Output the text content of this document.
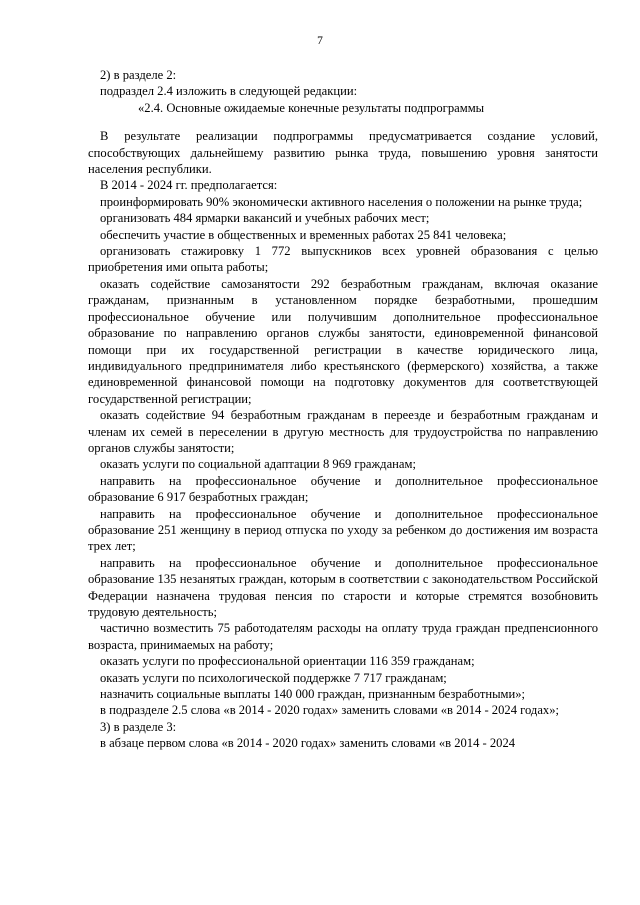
7

2) в разделе 2:

подраздел 2.4 изложить в следующей редакции:

«2.4. Основные ожидаемые конечные результаты подпрограммы

В результате реализации подпрограммы предусматривается создание условий, способствующих дальнейшему развитию рынка труда, повышению уровня занятости населения республики.

В 2014 - 2024 гг. предполагается:

проинформировать 90% экономически активного населения о положении на рынке труда;

организовать 484 ярмарки вакансий и учебных рабочих мест;

обеспечить участие в общественных и временных работах 25 841 человека;

организовать стажировку 1 772 выпускников всех уровней образования с целью приобретения ими опыта работы;

оказать содействие самозанятости 292 безработным гражданам, включая оказание гражданам, признанным в установленном порядке безработными, прошедшим профессиональное обучение или получившим дополнительное профессиональное образование по направлению органов службы занятости, единовременной финансовой помощи при их государственной регистрации в качестве юридического лица, индивидуального предпринимателя либо крестьянского (фермерского) хозяйства, а также единовременной финансовой помощи на подготовку документов для соответствующей государственной регистрации;

оказать содействие 94 безработным гражданам в переезде и безработным гражданам и членам их семей в переселении в другую местность для трудоустройства по направлению органов службы занятости;

оказать услуги по социальной адаптации 8 969 гражданам;

направить на профессиональное обучение и дополнительное профессиональное образование 6 917 безработных граждан;

направить на профессиональное обучение и дополнительное профессиональное образование 251 женщину в период отпуска по уходу за ребенком до достижения им возраста трех лет;

направить на профессиональное обучение и дополнительное профессиональное образование 135 незанятых граждан, которым в соответствии с законодательством Российской Федерации назначена трудовая пенсия по старости и которые стремятся возобновить трудовую деятельность;

частично возместить 75 работодателям расходы на оплату труда граждан предпенсионного возраста, принимаемых на работу;

оказать услуги по профессиональной ориентации 116 359 гражданам;

оказать услуги по психологической поддержке 7 717 гражданам;

назначить социальные выплаты 140 000 граждан, признанным безработными»;

в подразделе 2.5 слова «в 2014 - 2020 годах» заменить словами «в 2014 - 2024 годах»;

3) в разделе 3:

в абзаце первом слова «в 2014 - 2020 годах» заменить словами «в 2014 - 2024
